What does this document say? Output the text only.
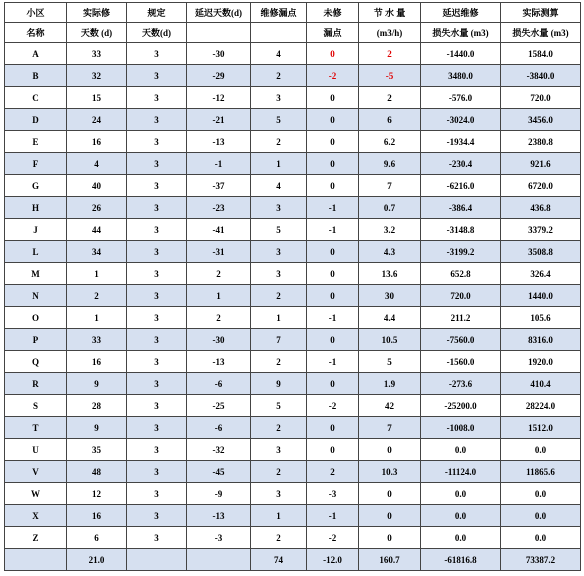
小区	实际修	规定	延迟天数(d)	维修漏点	未修	节 水 量	延迟维修	实际测算
名称	天数 (d)	天数(d)			漏点	(m3/h)	损失水量 (m3)	损失水量 (m3)
A	33	3	-30	4	0	2	-1440.0	1584.0
B	32	3	-29	2	-2	-5	3480.0	-3840.0
C	15	3	-12	3	0	2	-576.0	720.0
D	24	3	-21	5	0	6	-3024.0	3456.0
E	16	3	-13	2	0	6.2	-1934.4	2380.8
F	4	3	-1	1	0	9.6	-230.4	921.6
G	40	3	-37	4	0	7	-6216.0	6720.0
H	26	3	-23	3	-1	0.7	-386.4	436.8
J	44	3	-41	5	-1	3.2	-3148.8	3379.2
L	34	3	-31	3	0	4.3	-3199.2	3508.8
M	1	3	2	3	0	13.6	652.8	326.4
N	2	3	1	2	0	30	720.0	1440.0
O	1	3	2	1	-1	4.4	211.2	105.6
P	33	3	-30	7	0	10.5	-7560.0	8316.0
Q	16	3	-13	2	-1	5	-1560.0	1920.0
R	9	3	-6	9	0	1.9	-273.6	410.4
S	28	3	-25	5	-2	42	-25200.0	28224.0
T	9	3	-6	2	0	7	-1008.0	1512.0
U	35	3	-32	3	0	0	0.0	0.0
V	48	3	-45	2	2	10.3	-11124.0	11865.6
W	12	3	-9	3	-3	0	0.0	0.0
X	16	3	-13	1	-1	0	0.0	0.0
Z	6	3	-3	2	-2	0	0.0	0.0
	21.0			74	-12.0	160.7	-61816.8	73387.2
